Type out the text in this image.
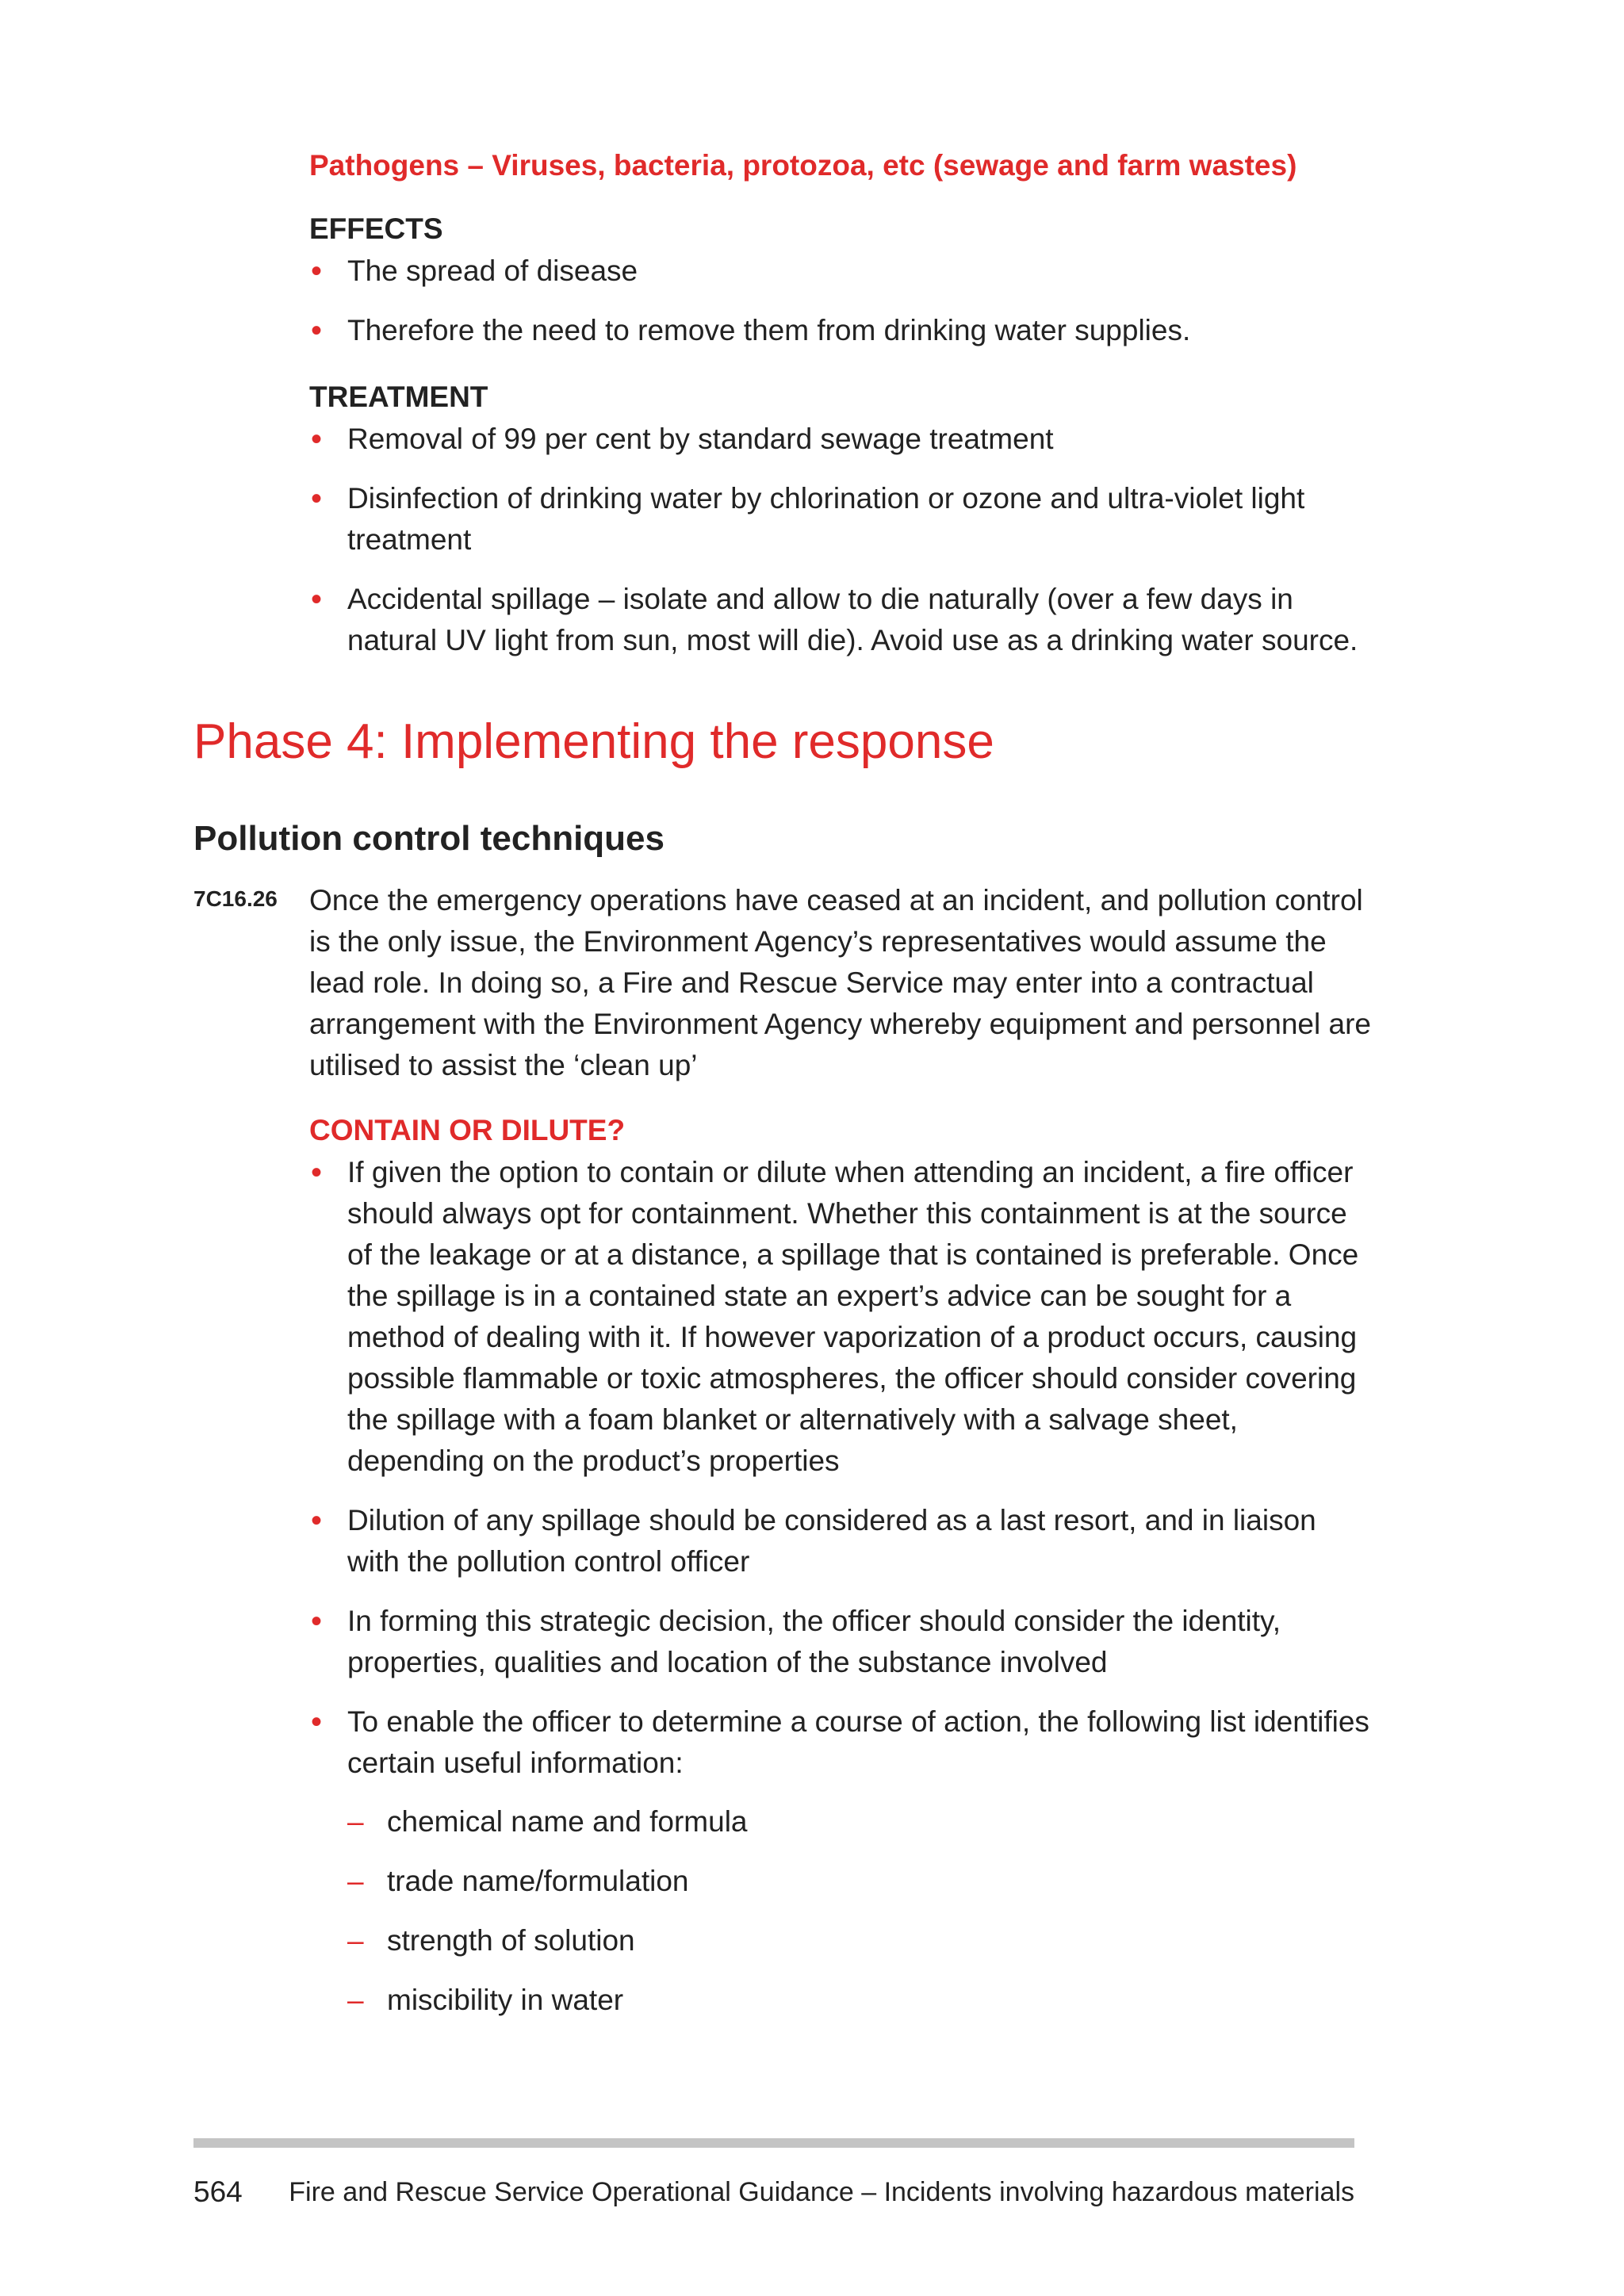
Pathogens – Viruses, bacteria, protozoa, etc (sewage and farm wastes)
EFFECTS
• The spread of disease
• Therefore the need to remove them from drinking water supplies.
TREATMENT
• Removal of 99 per cent by standard sewage treatment
• Disinfection of drinking water by chlorination or ozone and ultra-violet light treatment
• Accidental spillage – isolate and allow to die naturally (over a few days in natural UV light from sun, most will die). Avoid use as a drinking water source.
Phase 4: Implementing the response
Pollution control techniques
7C16.26 Once the emergency operations have ceased at an incident, and pollution control is the only issue, the Environment Agency’s representatives would assume the lead role. In doing so, a Fire and Rescue Service may enter into a contractual arrangement with the Environment Agency whereby equipment and personnel are utilised to assist the ‘clean up’
CONTAIN OR DILUTE?
• If given the option to contain or dilute when attending an incident, a fire officer should always opt for containment. Whether this containment is at the source of the leakage or at a distance, a spillage that is contained is preferable. Once the spillage is in a contained state an expert’s advice can be sought for a method of dealing with it. If however vaporization of a product occurs, causing possible flammable or toxic atmospheres, the officer should consider covering the spillage with a foam blanket or alternatively with a salvage sheet, depending on the product’s properties
• Dilution of any spillage should be considered as a last resort, and in liaison with the pollution control officer
• In forming this strategic decision, the officer should consider the identity, properties, qualities and location of the substance involved
• To enable the officer to determine a course of action, the following list identifies certain useful information:
– chemical name and formula
– trade name/formulation
– strength of solution
– miscibility in water
564 Fire and Rescue Service Operational Guidance – Incidents involving hazardous materials
